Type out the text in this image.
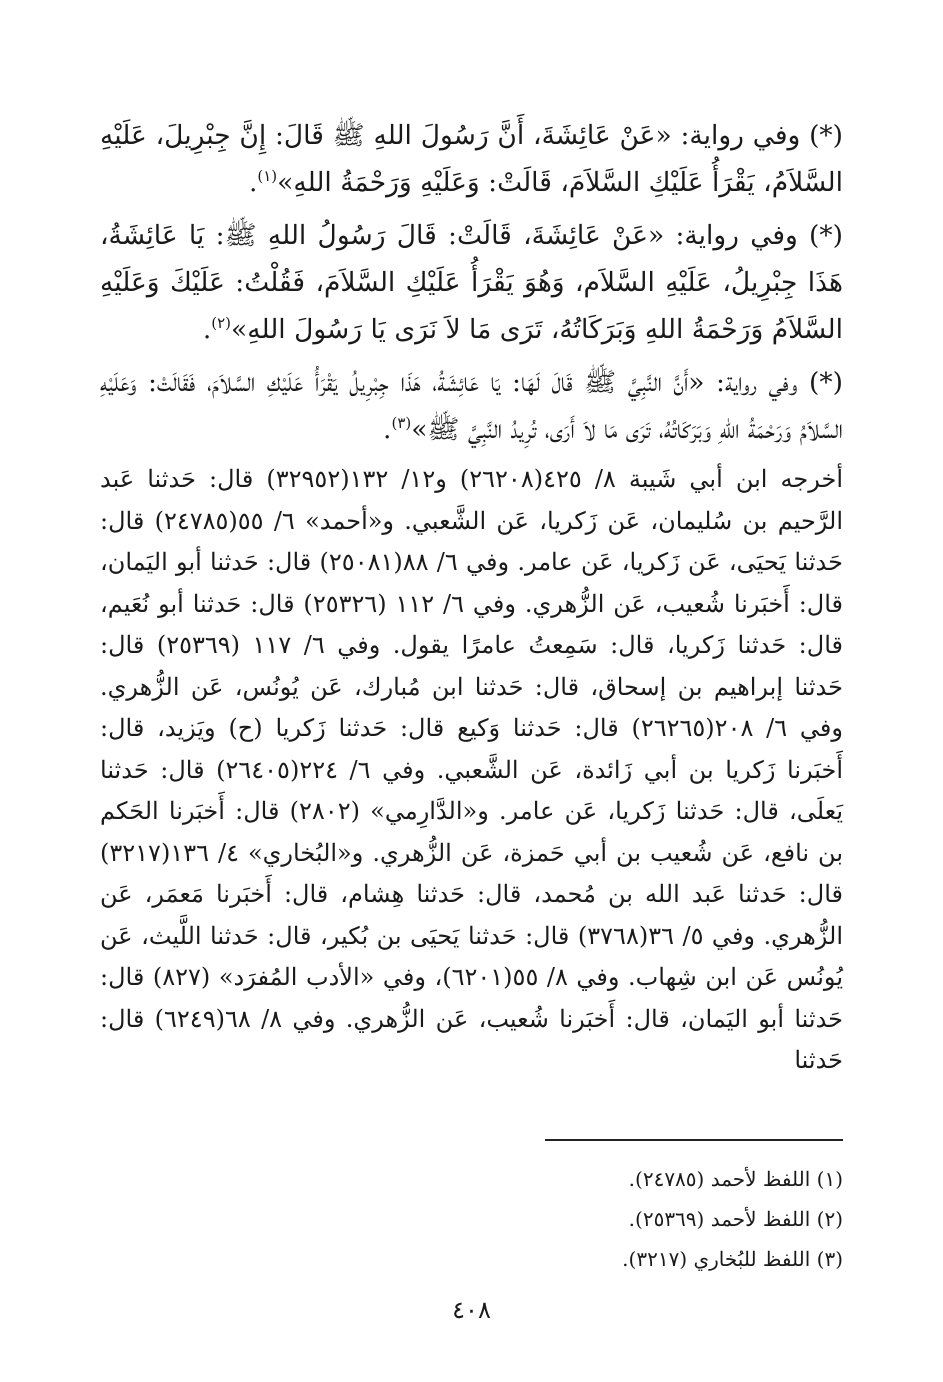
(*) وفي رواية: «عَنْ عَائِشَةَ، أَنَّ رَسُولَ اللهِ ﷺ قَالَ: إِنَّ جِبْرِيلَ، عَلَيْهِ السَّلاَمُ، يَقْرَأُ عَلَيْكِ السَّلاَمَ، قَالَتْ: وَعَلَيْهِ وَرَحْمَةُ اللهِ»$^{(١)}$.

(*) وفي رواية: «عَنْ عَائِشَةَ، قَالَتْ: قَالَ رَسُولُ اللهِ ﷺ: يَا عَائِشَةُ، هَذَا جِبْرِيلُ، عَلَيْهِ السَّلاَم، وَهُوَ يَقْرَأُ عَلَيْكِ السَّلاَمَ، فَقُلْتُ: عَلَيْكَ وَعَلَيْهِ السَّلاَمُ وَرَحْمَةُ اللهِ وَبَرَكَاتُهُ، تَرَى مَا لاَ نَرَى يَا رَسُولَ اللهِ»$^{(٢)}$.

(*) وفي رواية: «أَنَّ النَّبِيَّ ﷺ قَالَ لَهَا: يَا عَائِشَةُ، هَذَا جِبْرِيلُ يَقْرَأُ عَلَيْكِ السَّلاَمَ، فَقَالَتْ: وَعَلَيْهِ السَّلاَمُ وَرَحْمَةُ اللهِ وَبَرَكَاتُهُ، تَرَى مَا لاَ أَرَى، تُرِيدُ النَّبِيَّ ﷺ»$^{(٣)}$.

أخرجه ابن أبي شَيبة ٨/ ٤٢٥(٢٦٢٠٨) و١٢/ ١٣٢(٣٢٩٥٢) قال: حَدثنا عَبد الرَّحيم بن سُليمان، عَن زَكريا، عَن الشَّعبي. و«أحمد» ٦/ ٥٥(٢٤٧٨٥) قال: حَدثنا يَحيَى، عَن زَكريا، عَن عامر. وفي ٦/ ٨٨(٢٥٠٨١) قال: حَدثنا أبو اليَمان، قال: أَخبَرنا شُعيب، عَن الزُّهري. وفي ٦/ ١١٢ (٢٥٣٢٦) قال: حَدثنا أبو نُعَيم، قال: حَدثنا زَكريا، قال: سَمِعتُ عامرًا يقول. وفي ٦/ ١١٧ (٢٥٣٦٩) قال: حَدثنا إبراهيم بن إسحاق، قال: حَدثنا ابن مُبارك، عَن يُونُس، عَن الزُّهري. وفي ٦/ ٢٠٨(٢٦٢٦٥) قال: حَدثنا وَكيع قال: حَدثنا زَكريا (ح) ويَزيد، قال: أَخبَرنا زَكريا بن أبي زَائدة، عَن الشَّعبي. وفي ٦/ ٢٢٤(٢٦٤٠٥) قال: حَدثنا يَعلَى، قال: حَدثنا زَكريا، عَن عامر. و«الدَّارِمي» (٢٨٠٢) قال: أَخبَرنا الحَكم بن نافع، عَن شُعيب بن أبي حَمزة، عَن الزُّهري. و«البُخاري» ٤/ ١٣٦(٣٢١٧) قال: حَدثنا عَبد الله بن مُحمد، قال: حَدثنا هِشام، قال: أَخبَرنا مَعمَر، عَن الزُّهري. وفي ٥/ ٣٦(٣٧٦٨) قال: حَدثنا يَحيَى بن بُكير، قال: حَدثنا اللَّيث، عَن يُونُس عَن ابن شِهاب. وفي ٨/ ٥٥(٦٢٠١)، وفي «الأدب المُفرَد» (٨٢٧) قال: حَدثنا أبو اليَمان، قال: أَخبَرنا شُعيب، عَن الزُّهري. وفي ٨/ ٦٨(٦٢٤٩) قال: حَدثنا

(١) اللفظ لأحمد (٢٤٧٨٥).

(٢) اللفظ لأحمد (٢٥٣٦٩).

(٣) اللفظ للبُخاري (٣٢١٧).

٤٠٨
